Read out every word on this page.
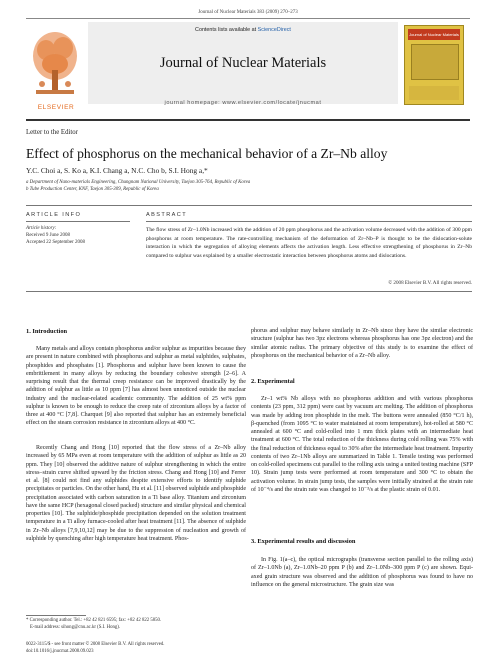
Journal of Nuclear Materials 383 (2009) 270–273
ELSEVIER
Contents lists available at ScienceDirect
Journal of Nuclear Materials
journal homepage: www.elsevier.com/locate/jnucmat
Journal of Nuclear Materials
Letter to the Editor
Effect of phosphorus on the mechanical behavior of a Zr–Nb alloy
Y.C. Choi a, S. Ko a, K.I. Chang a, N.C. Cho b, S.I. Hong a,*
a Department of Nano-materials Engineering, Chungnam National University, Taejon 305-764, Republic of Korea
b Tube Production Center, KNF, Taejon 305-309, Republic of Korea
ARTICLE INFO	ABSTRACT
Article history:
Received 9 June 2008
Accepted 22 September 2008
The flow stress of Zr–1.0Nb increased with the addition of 20 ppm phosphorus and the activation volume decreased with the addition of 300 ppm phosphorus at room temperature. The rate-controlling mechanism of the deformation of Zr–Nb–P is thought to be the dislocation-solute interaction in which the segregation of alloying elements affects the activation length. Less effective strengthening of phosphorus in Zr–Nb compared to sulphur was explained by a smaller electrostatic interaction between phosphorus atoms and dislocations.
© 2008 Elsevier B.V. All rights reserved.
1. Introduction
Many metals and alloys contain phosphorus and/or sulphur as impurities because they are present in nature combined with phosphorus and sulphur as metal sulphides, sulphates, phosphides and phosphates [1]. Phosphorus and sulphur have been known to cause the embrittlement in many alloys by reducing the boundary cohesive strength [2–6]. A surprising result that the thermal creep resistance can be improved drastically by the addition of sulphur as little as 10 ppm [7] has almost been unnoticed outside the nuclear industry and the nuclear-related academic community. The addition of 25 wt% ppm sulphur is known to be enough to reduce the creep rate of zirconium alloys by a factor of three at 400 °C [7,8]. Charquet [9] also reported that sulphur has an extremely beneficial effect on the steam corrosion resistance in zirconium alloys at 400 °C.
Recently Chang and Hong [10] reported that the flow stress of a Zr–Nb alloy increased by 65 MPa even at room temperature with the addition of sulphur as little as 20 ppm. They [10] observed the additive nature of sulphur strengthening in which the entire stress–strain curve shifted upward by the friction stress. Chang and Hong [10] and Ferrer et al. [8] could not find any sulphides despite extensive efforts to identify sulphide precipitates or particles. On the other hand, Hu et al. [11] observed sulphide and phosphide precipitation associated with carbon saturation in a Ti base alloy. Titanium and zirconium have the same HCP (hexagonal closed packed) structure and similar physical and chemical properties [10]. The sulphide/phosphide precipitation depended on the solution treatment temperature in a Ti alloy furnace-cooled after heat treatment [11]. The absence of sulphide in Zr–Nb alloys [7,9,10,12] may be due to the suppression of nucleation and growth of sulphide by quenching after high temperature heat treatment. Phos-
* Corresponding author. Tel.: +82 42 821 6595; fax: +82 42 822 5850.
E-mail address: sihong@cnu.ac.kr (S.I. Hong).
0022-3115/$ - see front matter © 2008 Elsevier B.V. All rights reserved.
doi:10.1016/j.jnucmat.2008.09.023
phorus and sulphur may behave similarly in Zr–Nb since they have the similar electronic structure (sulphur has two 3pz electrons whereas phosphorus has one 3pz electron) and the similar atomic radius. The primary objective of this study is to examine the effect of phosphorus on the mechanical behavior of a Zr–Nb alloy.
2. Experimental
Zr–1 wt% Nb alloys with no phosphorus addition and with various phosphorus contents (23 ppm, 312 ppm) were cast by vacuum arc melting. The addition of phosphorus was made by adding iron phosphide in the melt. The buttons were annealed (850 °C/1 h), β-quenched (from 1095 °C to water maintained at room temperature), hot-rolled at 580 °C annealed at 600 °C and cold-rolled into 1 mm thick plates with an intermediate heat treatment at 600 °C. The total reduction of the thickness during cold rolling was 75% with the final reduction of thickness equal to 30% after the intermediate heat treatment. Impurity contents of two Zr–1Nb alloys are summarized in Table 1. Tensile testing was performed on cold-rolled specimens cut parallel to the rolling axis using a united testing machine (SFP 10). Strain jump tests were performed at room temperature and 300 °C to obtain the activation volume. In strain jump tests, the samples were initially strained at the strain rate of 10⁻⁴/s and the strain rate was changed to 10⁻³/s at the plastic strain of 0.01.
3. Experimental results and discussion
In Fig. 1(a–c), the optical micrographs (transverse section parallel to the rolling axis) of Zr–1.0Nb (a), Zr–1.0Nb–20 ppm P (b) and Zr–1.0Nb–300 ppm P (c) are shown. Equi-axed grain structure was observed and the addition of phosphorus was found to have no influence on the general microstructure. The grain size was
